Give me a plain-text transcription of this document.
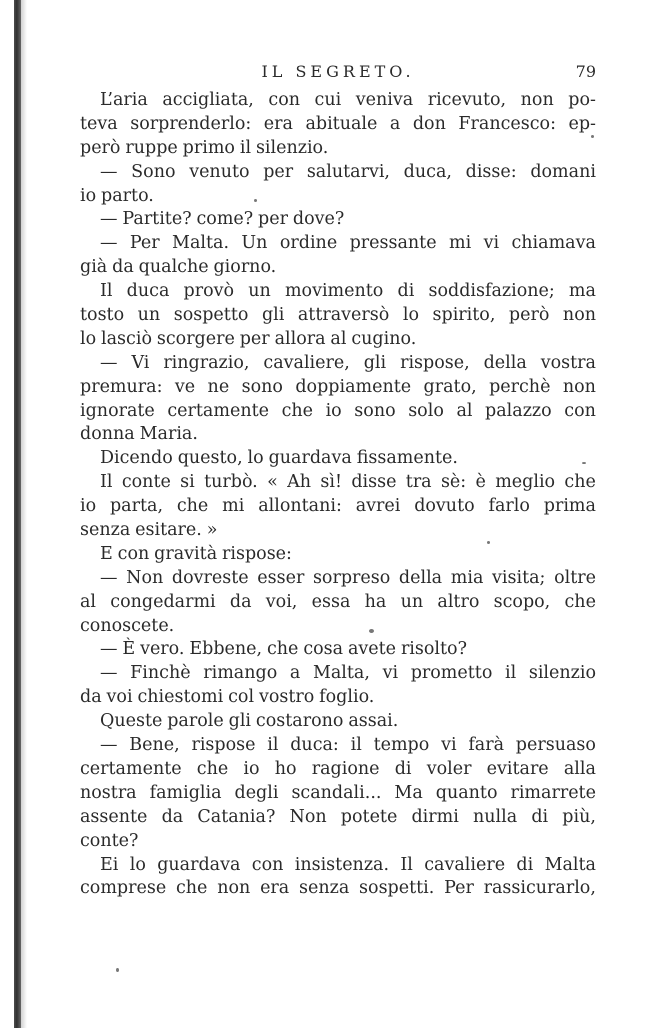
IL SEGRETO.	79
L’aria accigliata, con cui veniva ricevuto, non po-
teva sorprenderlo: era abituale a don Francesco: ep-
però ruppe primo il silenzio.
— Sono venuto per salutarvi, duca, disse: domani
io parto.
— Partite? come? per dove?
— Per Malta. Un ordine pressante mi vi chiamava
già da qualche giorno.
Il duca provò un movimento di soddisfazione; ma
tosto un sospetto gli attraversò lo spirito, però non
lo lasciò scorgere per allora al cugino.
— Vi ringrazio, cavaliere, gli rispose, della vostra
premura: ve ne sono doppiamente grato, perchè non
ignorate certamente che io sono solo al palazzo con
donna Maria.
Dicendo questo, lo guardava fissamente.
Il conte si turbò. « Ah sì! disse tra sè: è meglio che
io parta, che mi allontani: avrei dovuto farlo prima
senza esitare. »
E con gravità rispose:
— Non dovreste esser sorpreso della mia visita; oltre
al congedarmi da voi, essa ha un altro scopo, che
conoscete.
— È vero. Ebbene, che cosa avete risolto?
— Finchè rimango a Malta, vi prometto il silenzio
da voi chiestomi col vostro foglio.
Queste parole gli costarono assai.
— Bene, rispose il duca: il tempo vi farà persuaso
certamente che io ho ragione di voler evitare alla
nostra famiglia degli scandali... Ma quanto rimarrete
assente da Catania? Non potete dirmi nulla di più,
conte?
Ei lo guardava con insistenza. Il cavaliere di Malta
comprese che non era senza sospetti. Per rassicurarlo,
